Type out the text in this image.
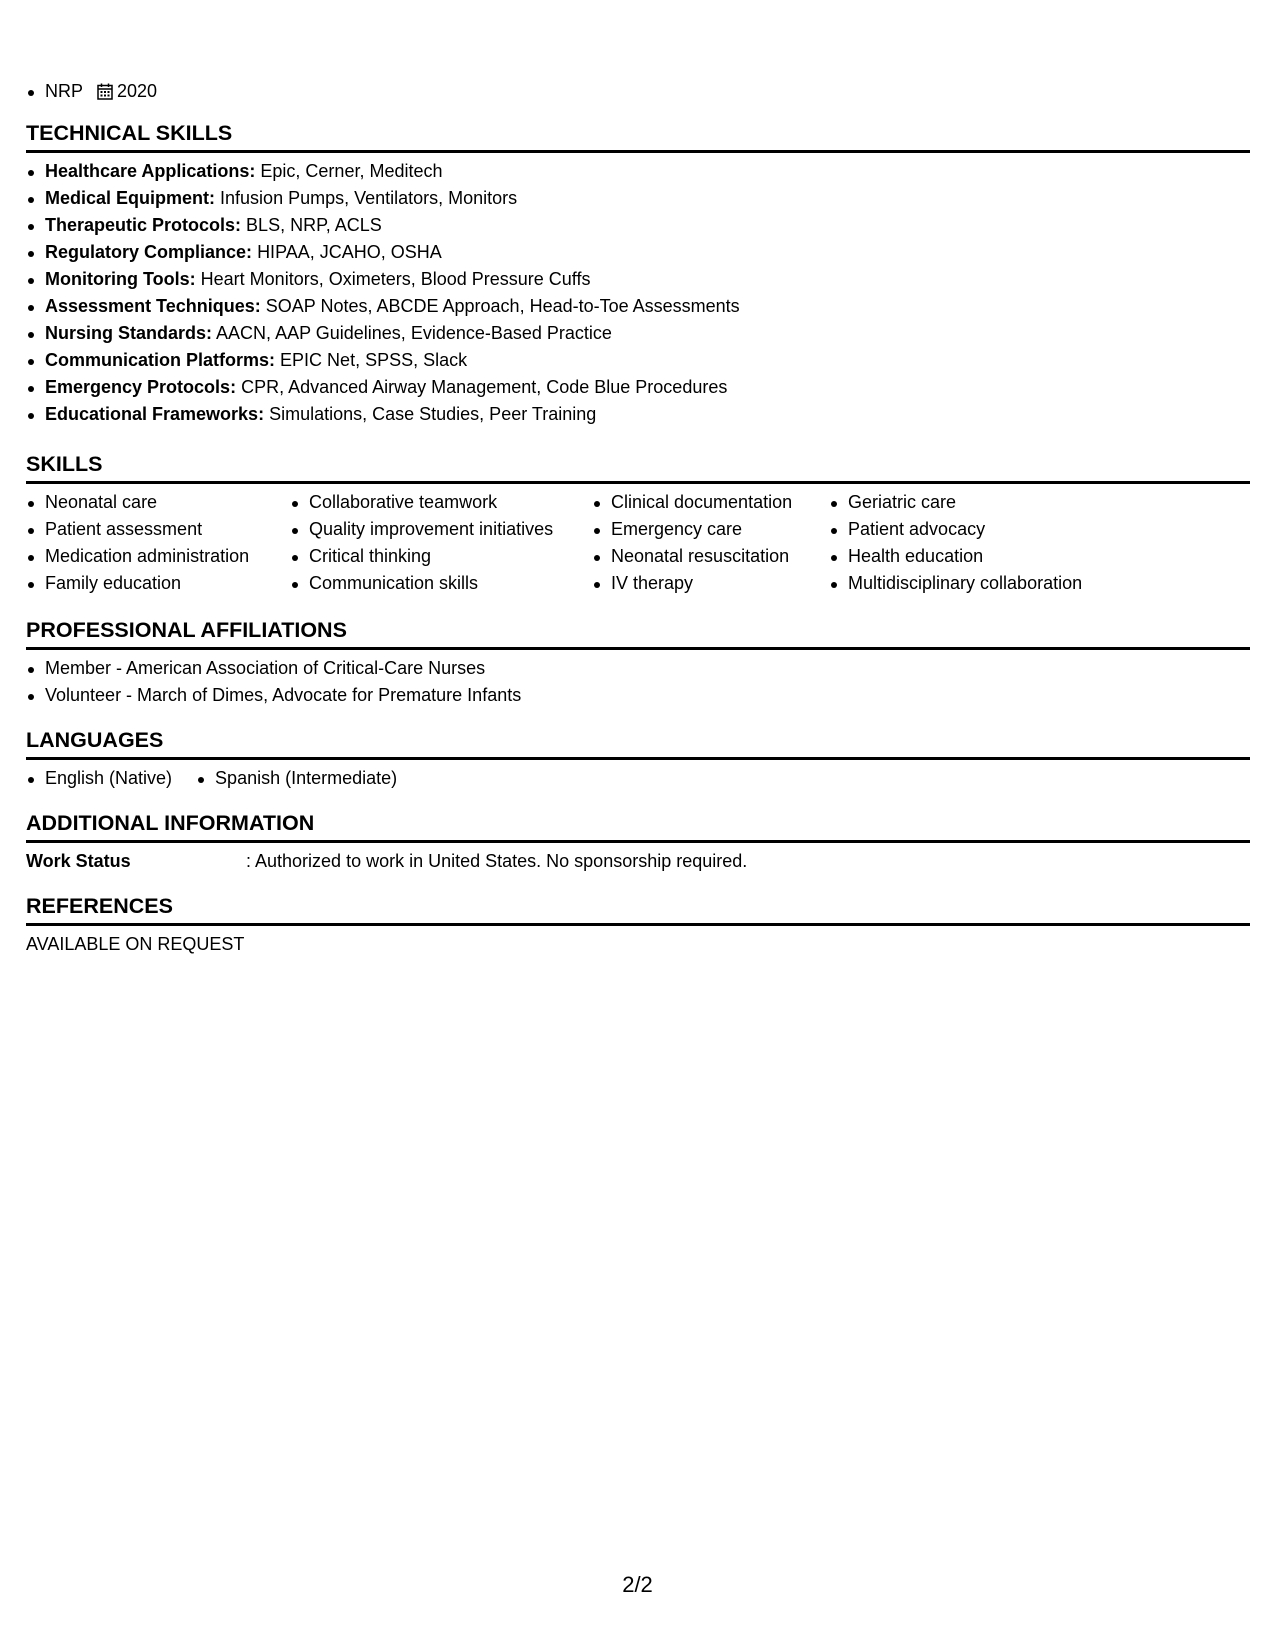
NRP 2020
TECHNICAL SKILLS
Healthcare Applications: Epic, Cerner, Meditech
Medical Equipment: Infusion Pumps, Ventilators, Monitors
Therapeutic Protocols: BLS, NRP, ACLS
Regulatory Compliance: HIPAA, JCAHO, OSHA
Monitoring Tools: Heart Monitors, Oximeters, Blood Pressure Cuffs
Assessment Techniques: SOAP Notes, ABCDE Approach, Head-to-Toe Assessments
Nursing Standards: AACN, AAP Guidelines, Evidence-Based Practice
Communication Platforms: EPIC Net, SPSS, Slack
Emergency Protocols: CPR, Advanced Airway Management, Code Blue Procedures
Educational Frameworks: Simulations, Case Studies, Peer Training
SKILLS
Neonatal care
Patient assessment
Medication administration
Family education
Collaborative teamwork
Quality improvement initiatives
Critical thinking
Communication skills
Clinical documentation
Emergency care
Neonatal resuscitation
IV therapy
Geriatric care
Patient advocacy
Health education
Multidisciplinary collaboration
PROFESSIONAL AFFILIATIONS
Member - American Association of Critical-Care Nurses
Volunteer - March of Dimes, Advocate for Premature Infants
LANGUAGES
English (Native)	Spanish (Intermediate)
ADDITIONAL INFORMATION
Work Status	: Authorized to work in United States. No sponsorship required.
REFERENCES
AVAILABLE ON REQUEST
2/2
